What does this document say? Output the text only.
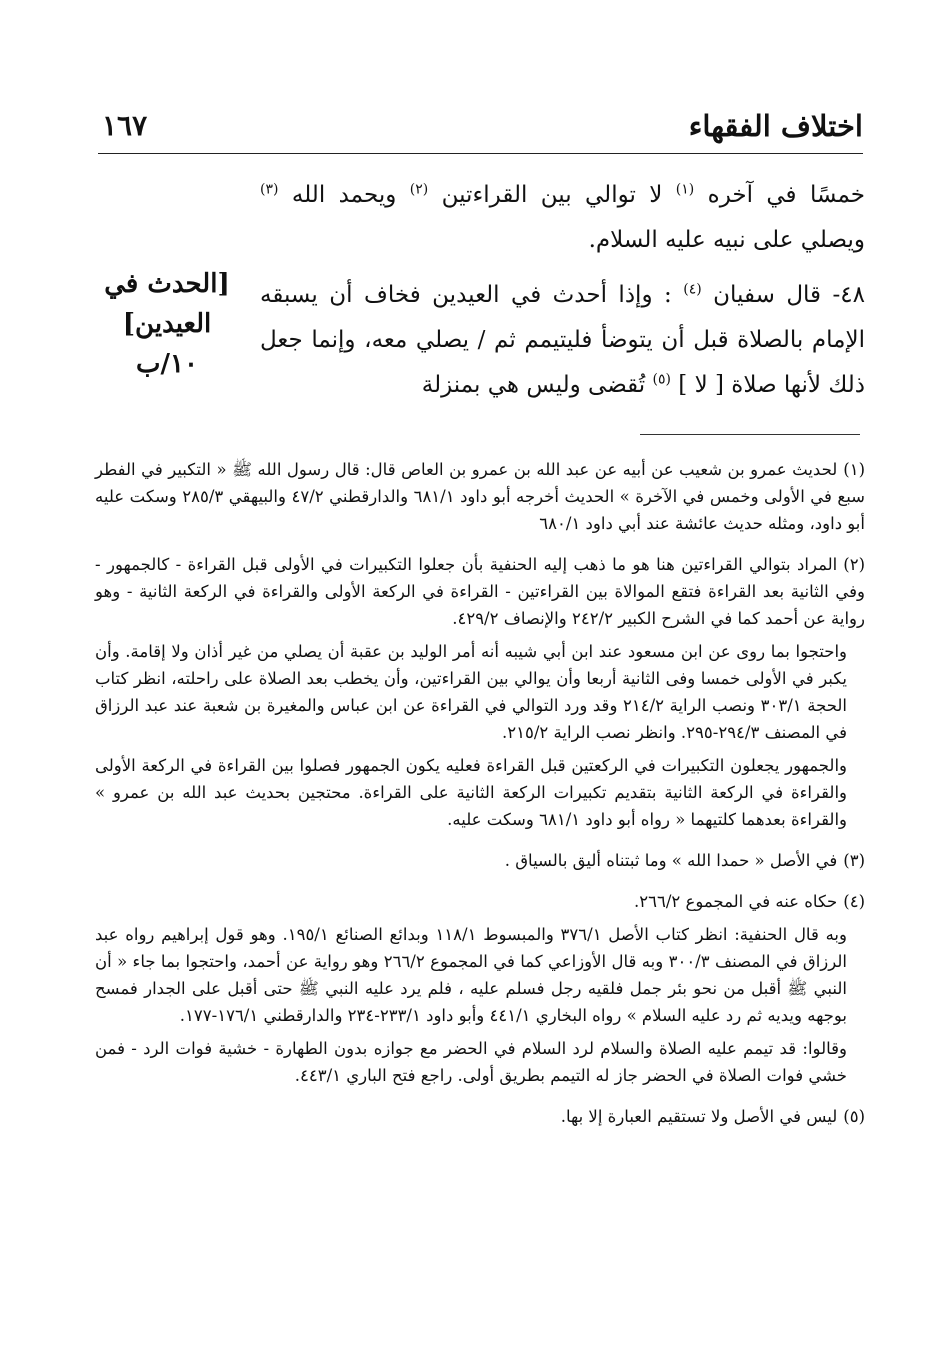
اختلاف الفقهاء
١٦٧

خمسًا في آخره $^{(١)}$ لا توالي بين القراءتين $^{(٢)}$ ويحمد الله $^{(٣)}$ ويصلي على نبيه عليه السلام.

٤٨- قال سفيان $^{(٤)}$ : وإذا أحدث في العيدين فخاف أن يسبقه الإمام بالصلاة قبل أن يتوضأ فليتيمم ثم / يصلي معه، وإنما جعل ذلك لأنها صلاة [ لا ] $^{(٥)}$ تُقضى وليس هي بمنزلة

[الحدث في
العيدين]
١٠/ب

(١)لحديث عمرو بن شعيب عن أبيه عن عبد الله بن عمرو بن العاص قال: قال رسول الله ﷺ « التكبير في الفطر سبع في الأولى وخمس في الآخرة » الحديث أخرجه أبو داود ٦٨١/١ والدارقطني ٤٧/٢ والبيهقي ٢٨٥/٣ وسكت عليه أبو داود، ومثله حديث عائشة عند أبي داود ٦٨٠/١

(٢)المراد بتوالي القراءتين هنا هو ما ذهب إليه الحنفية بأن جعلوا التكبيرات في الأولى قبل القراءة - كالجمهور - وفي الثانية بعد القراءة فتقع الموالاة بين القراءتين - القراءة في الركعة الأولى والقراءة في الركعة الثانية - وهو رواية عن أحمد كما في الشرح الكبير ٢٤٢/٢ والإنصاف ٤٢٩/٢.

واحتجوا بما روى عن ابن مسعود عند ابن أبي شيبه أنه أمر الوليد بن عقبة أن يصلي من غير أذان ولا إقامة. وأن يكبر في الأولى خمسا وفى الثانية أربعا وأن يوالي بين القراءتين، وأن يخطب بعد الصلاة على راحلته، انظر كتاب الحجة ٣٠٣/١ ونصب الراية ٢١٤/٢ وقد ورد التوالي في القراءة عن ابن عباس والمغيرة بن شعبة عند عبد الرزاق في المصنف ٢٩٤/٣-٢٩٥. وانظر نصب الراية ٢١٥/٢.

والجمهور يجعلون التكبيرات في الركعتين قبل القراءة فعليه يكون الجمهور فصلوا بين القراءة في الركعة الأولى والقراءة في الركعة الثانية بتقديم تكبيرات الركعة الثانية على القراءة. محتجين بحديث عبد الله بن عمرو » والقراءة بعدهما كلتيهما « رواه أبو داود ٦٨١/١ وسكت عليه.

(٣)في الأصل « حمدا الله » وما ثبتناه أليق بالسياق .

(٤)حكاه عنه في المجموع ٢٦٦/٢.

وبه قال الحنفية: انظر كتاب الأصل ٣٧٦/١ والمبسوط ١١٨/١ وبدائع الصنائع ١٩٥/١. وهو قول إبراهيم رواه عبد الرزاق في المصنف ٣٠٠/٣ وبه قال الأوزاعي كما في المجموع ٢٦٦/٢ وهو رواية عن أحمد، واحتجوا بما جاء « أن النبي ﷺ أقبل من نحو بئر جمل فلقيه رجل فسلم عليه ، فلم يرد عليه النبي ﷺ حتى أقبل على الجدار فمسح بوجهه ويديه ثم رد عليه السلام » رواه البخاري ٤٤١/١ وأبو داود ٢٣٣/١-٢٣٤ والدارقطني ١٧٦/١-١٧٧.

وقالوا: قد تيمم عليه الصلاة والسلام لرد السلام في الحضر مع جوازه بدون الطهارة - خشية فوات الرد - فمن خشي فوات الصلاة في الحضر جاز له التيمم بطريق أولى. راجع فتح الباري ٤٤٣/١.

(٥)ليس في الأصل ولا تستقيم العبارة إلا بها.
